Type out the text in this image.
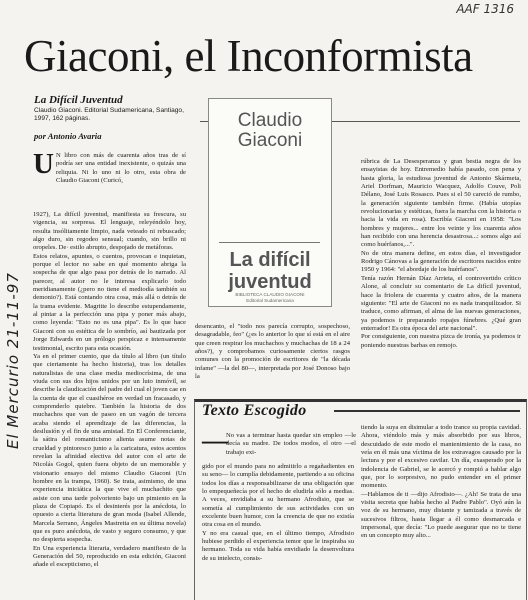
AAF 1316
El Mercurio 21-11-97
Giaconi, el Inconformista
La Difícil Juventud
Claudio Giaconi. Editorial Sudamericana, Santiago,
1997, 162 páginas.
por Antonio Avaria
U N libro con más de cuarenta años tras de sí podría ser una entidad inexistente, o quizás una reliquia. Ni lo uno ni lo otro, esta obra de Claudio Giaconi (Curicó,
1927), La difícil juventud, manifiesta su frescura, su vigencia, su sorpresa. El lenguaje, releyéndolo hoy, resulta insólitamente limpio, nada veteado ni rebuscado; algo duro, sin regodeo sensual; cuando, sin brillo ni oropeles. De· estilo abrupto, despojado de metáforas.
Estos relatos, apuntes, o cuentos, provocan e inquietan, porque el lector no sabe en qué momento abriga la sospecha de que algo pasa por detrás de lo narrado. Al parecer, al autor no le interesa explicarlo todo meridianamente (¿pero no tiene el mediodía también su demonio?). Está contando otra cosa, más allá o detrás de la trama evidente. Magritte lo describe estupendamente, al pintar a la perfección una pipa y poner más abajo, como leyenda: "Esto no es una pipa". Es lo que hace Giaconi con su estética de lo sombrío, así bautizada por Jorge Edwards en un prólogo perspicaz e intensamente testimonial, escrito para esta ocasión.
Ya en el primer cuento, que da título al libro (un título que ciertamente ha hecho historia), tras los detalles naturalistas de una clase media mediocrísima, de una viuda con sus dos hijos unidos por un luto inmóvil, se describe la claudicación del padre del cual el joven cae en la cuenta de que el cuasihéroe en verdad un fracasado, y comprenderlo quiebre. También la historia de dos muchachos que van de paseo en un vagón de tercera acaba siendo el aprendizaje de las diferencias, la desilusión y el fin de una amistad. En El Conferenciante, la sátira del romanticismo alienta asume notas de crueldad y pintoresco junto a la caricatura, estos acentos revelan la afinidad electiva del autor con el arte de Nicolás Gogol, quien fuera objeto de un memorable y visionario ensayo del mismo Claudio Giaconi (Un hombre en la trampa, 1960). Se trata, asimismo, de una experiencia iniciática la que vive el muchachito que asiste con una tarde polvoriento bajo un pimiento en la plaza de Copiapó. Es el desinterés por la anécdota, lo opuesto a cierta literatura de gran moda (Isabel Allende, Marcela Serrano, Ángeles Mastretta en su última novela) que es puro anécdota, de vasto y seguro consumo, y que no despierta sospecha.
En Una experiencia literaria, verdadero manifiesto de la Generación del 50, reproducido en esta edición, Giaconi añade el escepticismo, el
Claudio
Giaconi
La difícil juventud
BIBLIOTECA CLAUDIO GIACONI
Editorial Sudamericana
desencanto, el "todo nos parecía corrupto, sospechoso, desagradable, feo" (¿es lo anterior lo que sí está en el aire que creen respirar los muchachos y muchachas de 18 a 24 años?), y comprobamos curiosamente ciertos rasgos comunes con la promoción de escritores de "la década infame" —la del 80—, interpretada por José Donoso bajo la
rúbrica de La Desesperanza y gran bestia negra de los ensayistas de hoy. Entremedio había pasado, con pena y hasta gloria, la estudiosa juventud de Antonio Skármeta, Ariel Dorfman, Mauricio Wacquez, Adolfo Couve, Poli Délano, José Luis Rosasco. Pues si el 50 careció de rumbo, la generación siguiente también firme. (Había utopías revolucionarias y estéticas, fuera la marcha con la historia o hacia la vida en rosa). Escribía Giaconi en 1958: "Los hombres y mujeres... entre los veinte y los cuarenta años han recibido con una herencia desastrosa...: somos algo así como huérfanos,...".
No de otra manera define, en estos días, el investigador Rodrigo Cánovas a la generación de escritores nacidos entre 1950 y 1964: "el abordaje de los huérfanos".
Tenía razón Hernán Díaz Arrieta, el controvertido crítico Alone, al concluir su comentario de La difícil juventud, hace la friolera de cuarenta y cuatro años, de la manera siguiente: "El arte de Giaconi no es nada tranquilizador. Si traduce, como afirman, el alma de las nuevas generaciones, ya podemos ir preparando ropajes fúnebres. ¿Qué gran enterrador! Es otra época del arte nacional".
Por consiguiente, con nuestra pizca de ironía, ya podemos ir poniendo nuestras barbas en remojo.
Texto Escogido
—
No vas a terminar hasta quedar sin empleo —le decía su madre. De todos modos, el otro —el trabajo exi-
gido por el mundo para no admitirlo a regañadientes en su seno— lo cumplía debidamente, partiendo a su oficina todos los días a responsabilizarse de una obligación que lo empequeñecía por el hecho de eludirla sólo a medias. A veces, envidiaba a su hermano Afrodisio, que se sometía al cumplimiento de sus actividades con un excelente buen humor, con la creencia de que no existía otra cosa en el mundo.
Y no era casual que, en el último tiempo, Afrodisio hubiese perdido el experiencia temor que le inspiraba su hermano. Toda su vida había envidiado la desenvoltura de su intelecto, consis-
tiendo la suya en disimular a todo trance su propia cavidad. Ahora, viéndolo más y más absorbido por sus libros, descuidado de este modo el mantenimiento de la casa, no veía en él más una víctima de los extravagos causado por la lectura y por el excesivo cavilar. Un día, exasperado por la indolencia de Gabriel, se le acercó y rompió a hablar algo que, por lo sorpresivo, no pudo entender en el primer momento.
—Hablamos de ti —dijo Afrodisio—. ¿Ah! Se trata de una visita secreta que había hecho al Padre Pablo". Oyó aún la voz de su hermano, muy distante y tamizada a través de sucesivos filtros, hasta llegar a él como desmarcada e impersonal, que decía: "Lo puede asegurar que no te tiene en un concepto muy alto...
